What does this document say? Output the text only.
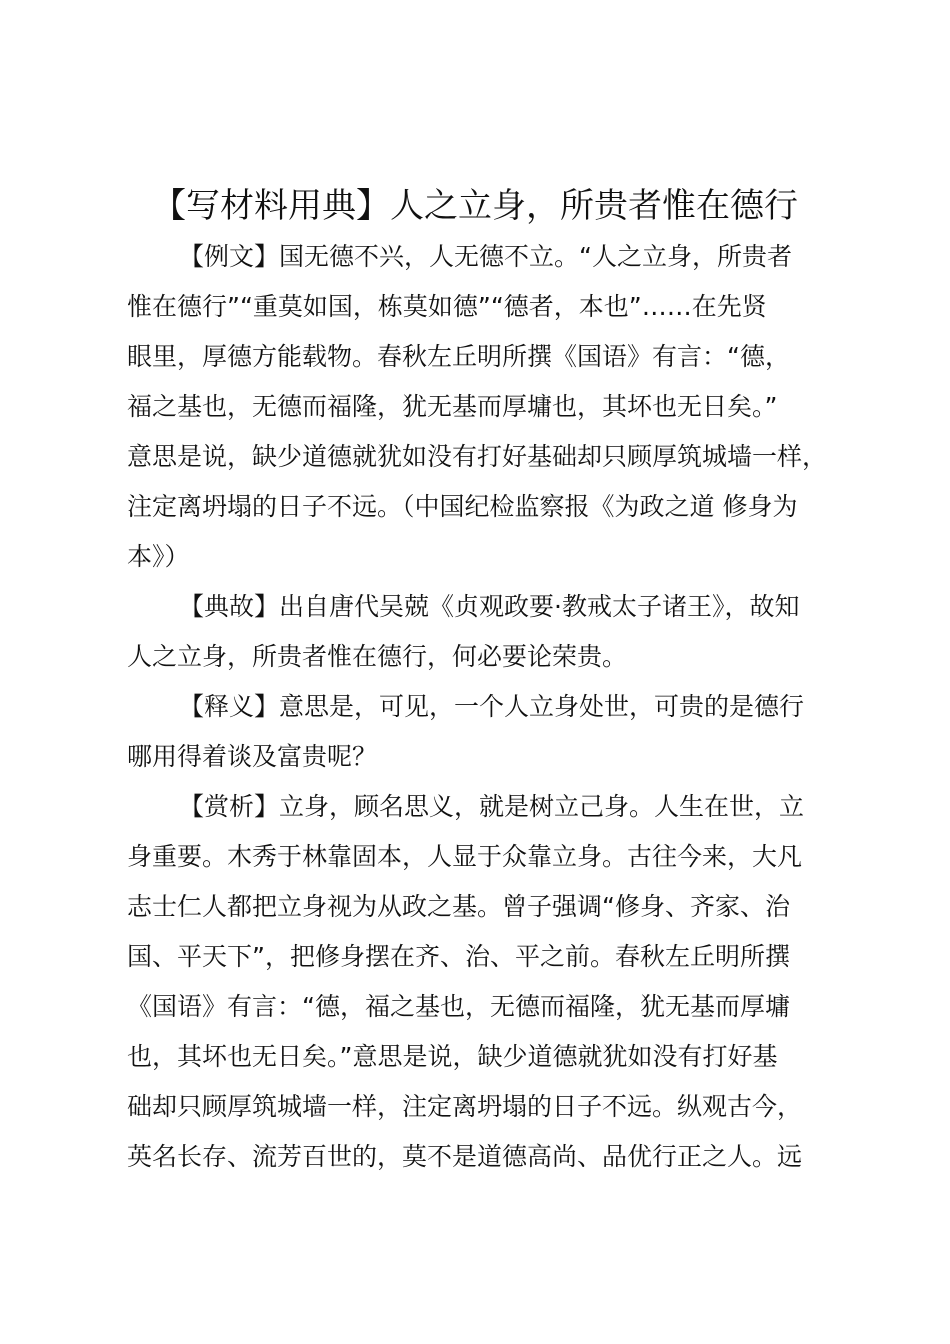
【写材料用典】人之立身，所贵者惟在德行
【例文】国无德不兴，人无德不立。“人之立身，所贵者
惟在德行”“重莫如国，栋莫如德”“德者，本也”……在先贤
眼里，厚德方能载物。春秋左丘明所撰《国语》有言：“德，
福之基也，无德而福隆，犹无基而厚墉也，其坏也无日矣。”
意思是说，缺少道德就犹如没有打好基础却只顾厚筑城墙一样，
注定离坍塌的日子不远。（中国纪检监察报《为政之道 修身为
本》）
【典故】出自唐代吴兢《贞观政要·教戒太子诸王》，故知
人之立身，所贵者惟在德行，何必要论荣贵。
【释义】意思是，可见，一个人立身处世，可贵的是德行
哪用得着谈及富贵呢？
【赏析】立身，顾名思义，就是树立己身。人生在世，立
身重要。木秀于林靠固本，人显于众靠立身。古往今来，大凡
志士仁人都把立身视为从政之基。曾子强调“修身、齐家、治
国、平天下”，把修身摆在齐、治、平之前。春秋左丘明所撰
《国语》有言：“德，福之基也，无德而福隆，犹无基而厚墉
也，其坏也无日矣。”意思是说，缺少道德就犹如没有打好基
础却只顾厚筑城墙一样，注定离坍塌的日子不远。纵观古今，
英名长存、流芳百世的，莫不是道德高尚、品优行正之人。远
